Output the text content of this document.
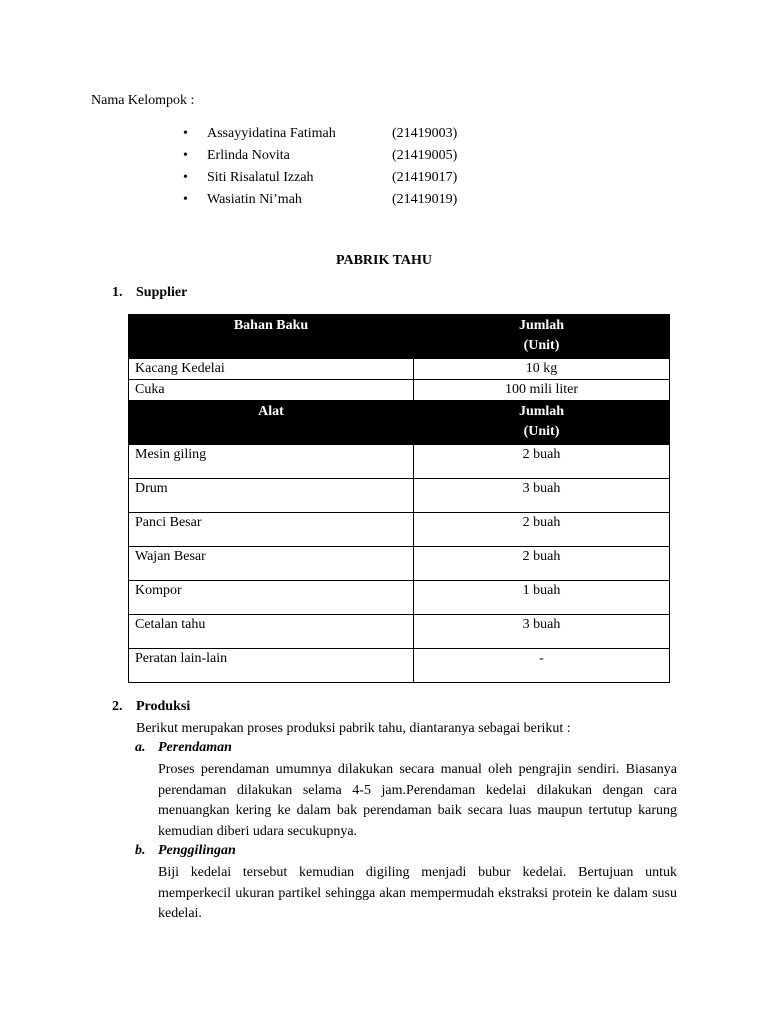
Nama Kelompok :
• Assayyidatina Fatimah	(21419003)
• Erlinda Novita	(21419005)
• Siti Risalatul Izzah	(21419017)
• Wasiatin Ni’mah	(21419019)
PABRIK TAHU
1. Supplier
Bahan Baku	Jumlah
(Unit)
Kacang Kedelai	10 kg
Cuka	100 mili liter
Alat	Jumlah
(Unit)
Mesin giling	2 buah
Drum	3 buah
Panci Besar	2 buah
Wajan Besar	2 buah
Kompor	1 buah
Cetalan tahu	3 buah
Peratan lain-lain	-
2. Produksi
Berikut merupakan proses produksi pabrik tahu, diantaranya sebagai berikut :
a. Perendaman
Proses perendaman umumnya dilakukan secara manual oleh pengrajin sendiri. Biasanya perendaman dilakukan selama 4-5 jam.Perendaman kedelai dilakukan dengan cara menuangkan kering ke dalam bak perendaman baik secara luas maupun tertutup karung kemudian diberi udara secukupnya.
b. Penggilingan
Biji kedelai tersebut kemudian digiling menjadi bubur kedelai. Bertujuan untuk memperkecil ukuran partikel sehingga akan mempermudah ekstraksi protein ke dalam susu kedelai.
